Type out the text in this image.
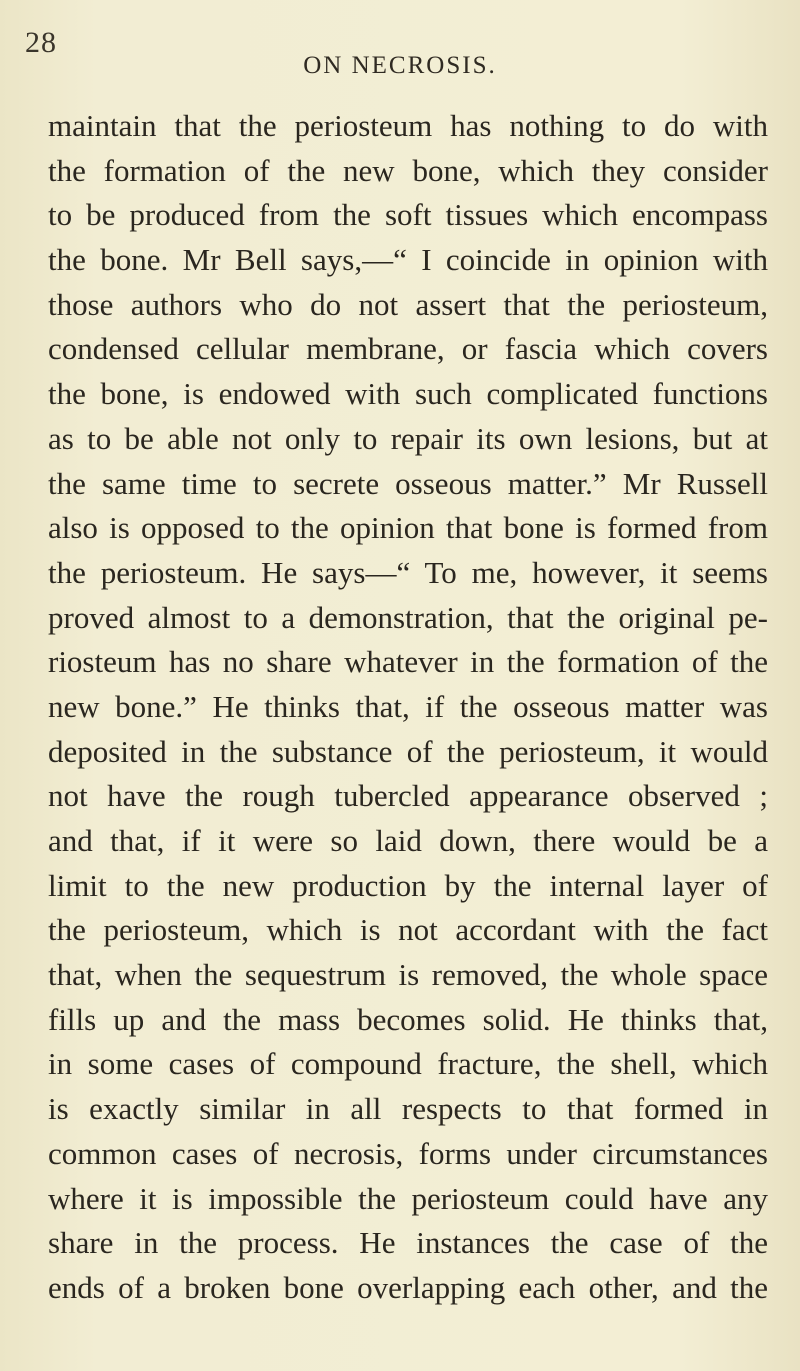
28
ON NECROSIS.
maintain that the periosteum has nothing to do with
the formation of the new bone, which they consider
to be produced from the soft tissues which encompass
the bone. Mr Bell says,—“ I coincide in opinion with
those authors who do not assert that the periosteum,
condensed cellular membrane, or fascia which covers
the bone, is endowed with such complicated functions
as to be able not only to repair its own lesions, but at
the same time to secrete osseous matter.” Mr Russell
also is opposed to the opinion that bone is formed from
the periosteum. He says—“ To me, however, it seems
proved almost to a demonstration, that the original pe-
riosteum has no share whatever in the formation of the
new bone.” He thinks that, if the osseous matter was
deposited in the substance of the periosteum, it would
not have the rough tubercled appearance observed ;
and that, if it were so laid down, there would be a
limit to the new production by the internal layer of
the periosteum, which is not accordant with the fact
that, when the sequestrum is removed, the whole space
fills up and the mass becomes solid. He thinks that,
in some cases of compound fracture, the shell, which
is exactly similar in all respects to that formed in
common cases of necrosis, forms under circumstances
where it is impossible the periosteum could have any
share in the process. He instances the case of the
ends of a broken bone overlapping each other, and the
